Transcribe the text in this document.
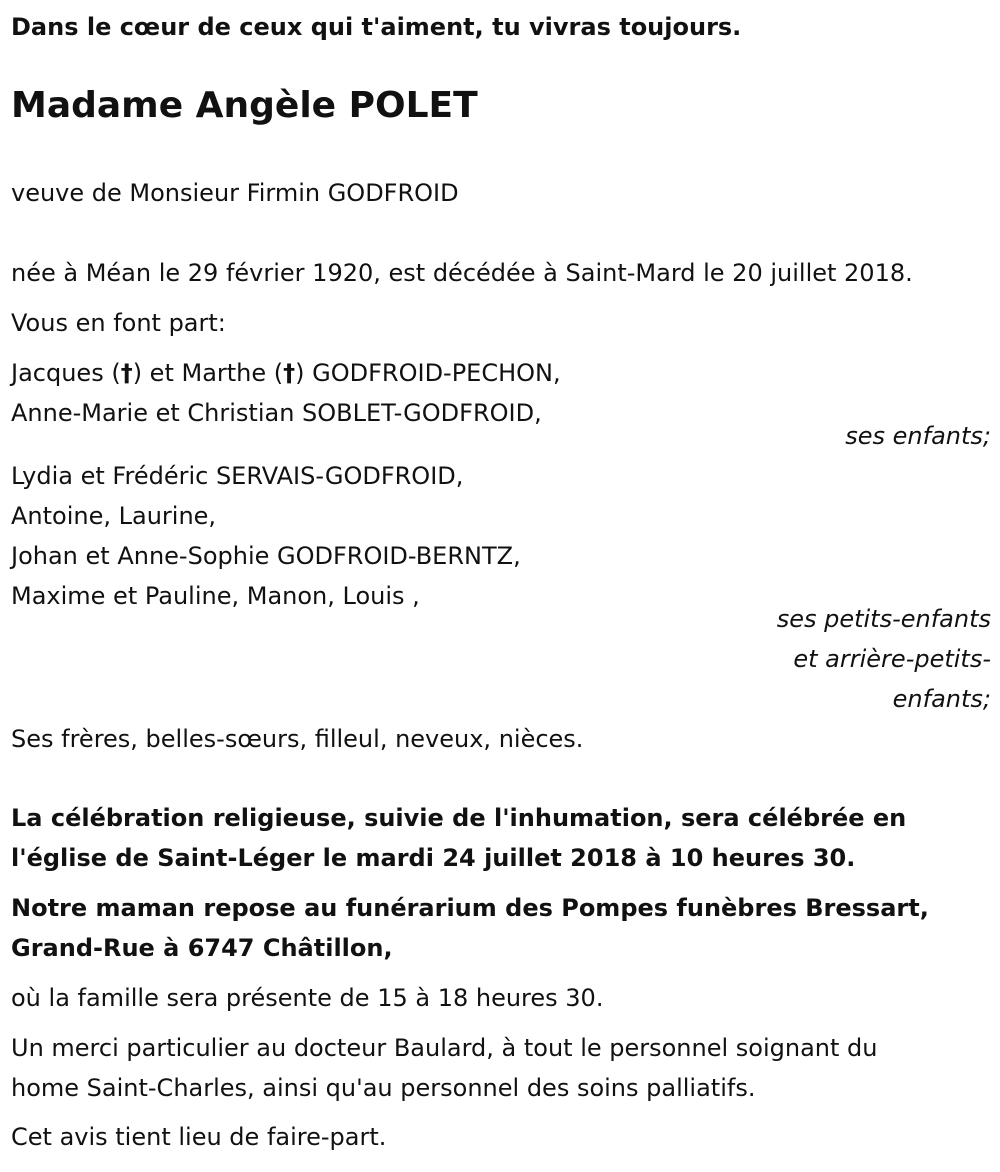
Dans le cœur de ceux qui t'aiment, tu vivras toujours.
Madame Angèle POLET
veuve de Monsieur Firmin GODFROID
née à Méan le 29 février 1920, est décédée à Saint-Mard le 20 juillet 2018.
Vous en font part:
Jacques (†) et Marthe (†) GODFROID-PECHON,
Anne-Marie et Christian SOBLET-GODFROID,
ses enfants;
Lydia et Frédéric SERVAIS-GODFROID,
Antoine, Laurine,
Johan et Anne-Sophie GODFROID-BERNTZ,
Maxime et Pauline, Manon, Louis ,
ses petits-enfants
et arrière-petits-
enfants;
Ses frères, belles-sœurs, filleul, neveux, nièces.
La célébration religieuse, suivie de l'inhumation, sera célébrée en
l'église de Saint-Léger le mardi 24 juillet 2018 à 10 heures 30.
Notre maman repose au funérarium des Pompes funèbres Bressart,
Grand-Rue à 6747 Châtillon,
où la famille sera présente de 15 à 18 heures 30.
Un merci particulier au docteur Baulard, à tout le personnel soignant du
home Saint-Charles, ainsi qu'au personnel des soins palliatifs.
Cet avis tient lieu de faire-part.
